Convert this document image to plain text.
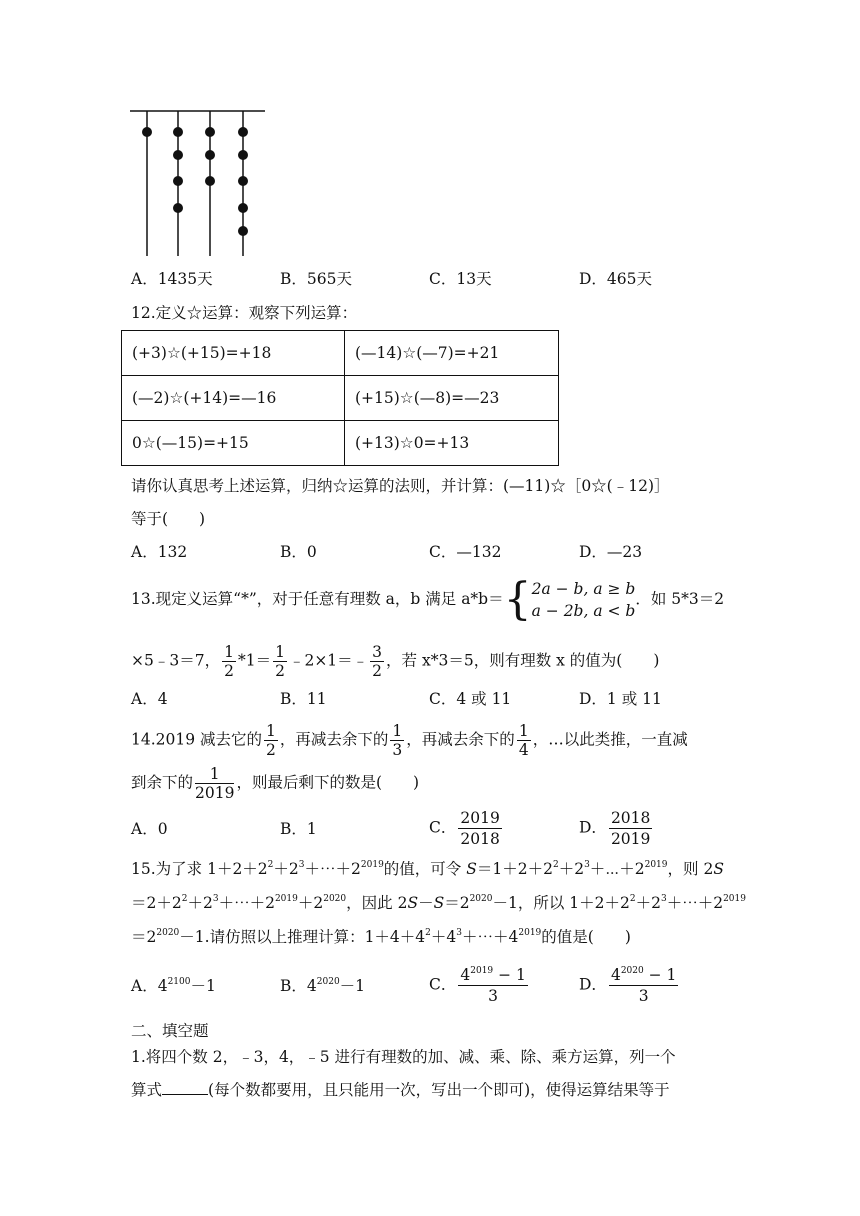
A．1435天	B．565天	C．13天	D．465天
12.定义☆运算：观察下列运算：
(+3)☆(+15)=+18	(—14)☆(—7)=+21
(—2)☆(+14)=—16	(+15)☆(—8)=—23
0☆(—15)=+15	(+13)☆0=+13
请你认真思考上述运算，归纳☆运算的法则，并计算：(—11)☆［0☆(﹣12)］
等于(　　)
A．132	B．0	C．—132	D．—23
13.现定义运算“*”，对于任意有理数 a，b 满足 a*b＝{ 2a − b, a ≥ b
a − 2b, a < b
．如 5*3＝2
×5﹣3＝7， $\frac{1}{2} *1= \frac{1}{2}$ ﹣2×1＝﹣ $\frac{3}{2}$ ，若 x*3＝5，则有理数 x 的值为(　　)
A．4	B．11	C．4 或 11	D．1 或 11
14.2019 减去它的 $\frac{1}{2}$ ，再减去余下的 $\frac{1}{3}$ ，再减去余下的 $\frac{1}{4}$ ，…以此类推，一直减
到余下的 $\frac{1}{2019}$ ，则最后剩下的数是(　　)
A．0	B．1	C． $\frac{2019}{2018}$	D． $\frac{2018}{2019}$
15.为了求 $1+2+2^2+2^3+\cdots+2^{2019}$的值，可令 $S=1+2+2^2+2^3+\cdots+2^{2019}$，则 2S
$=2+2^2+2^3+\cdots+2^{2019}+2^{2020}$，因此 $2S-S=2^{2020}-1$，所以 $1+2+2^2+2^3+\cdots+2^{2019}$
$=2^{2020}-1$.请仿照以上推理计算：$1+4+4^2+4^3+\cdots+4^{2019}$的值是(　　)
A．$4^{2100}-1$	B．$4^{2020}-1$	C． $\frac{4^{2019} - 1}{3}$	D． $\frac{4^{2020} - 1}{3}$
二、填空题
1.将四个数 2，﹣3，4，﹣5 进行有理数的加、减、乘、除、乘方运算，列一个
算式	(每个数都要用，且只能用一次，写出一个即可)，使得运算结果等于
